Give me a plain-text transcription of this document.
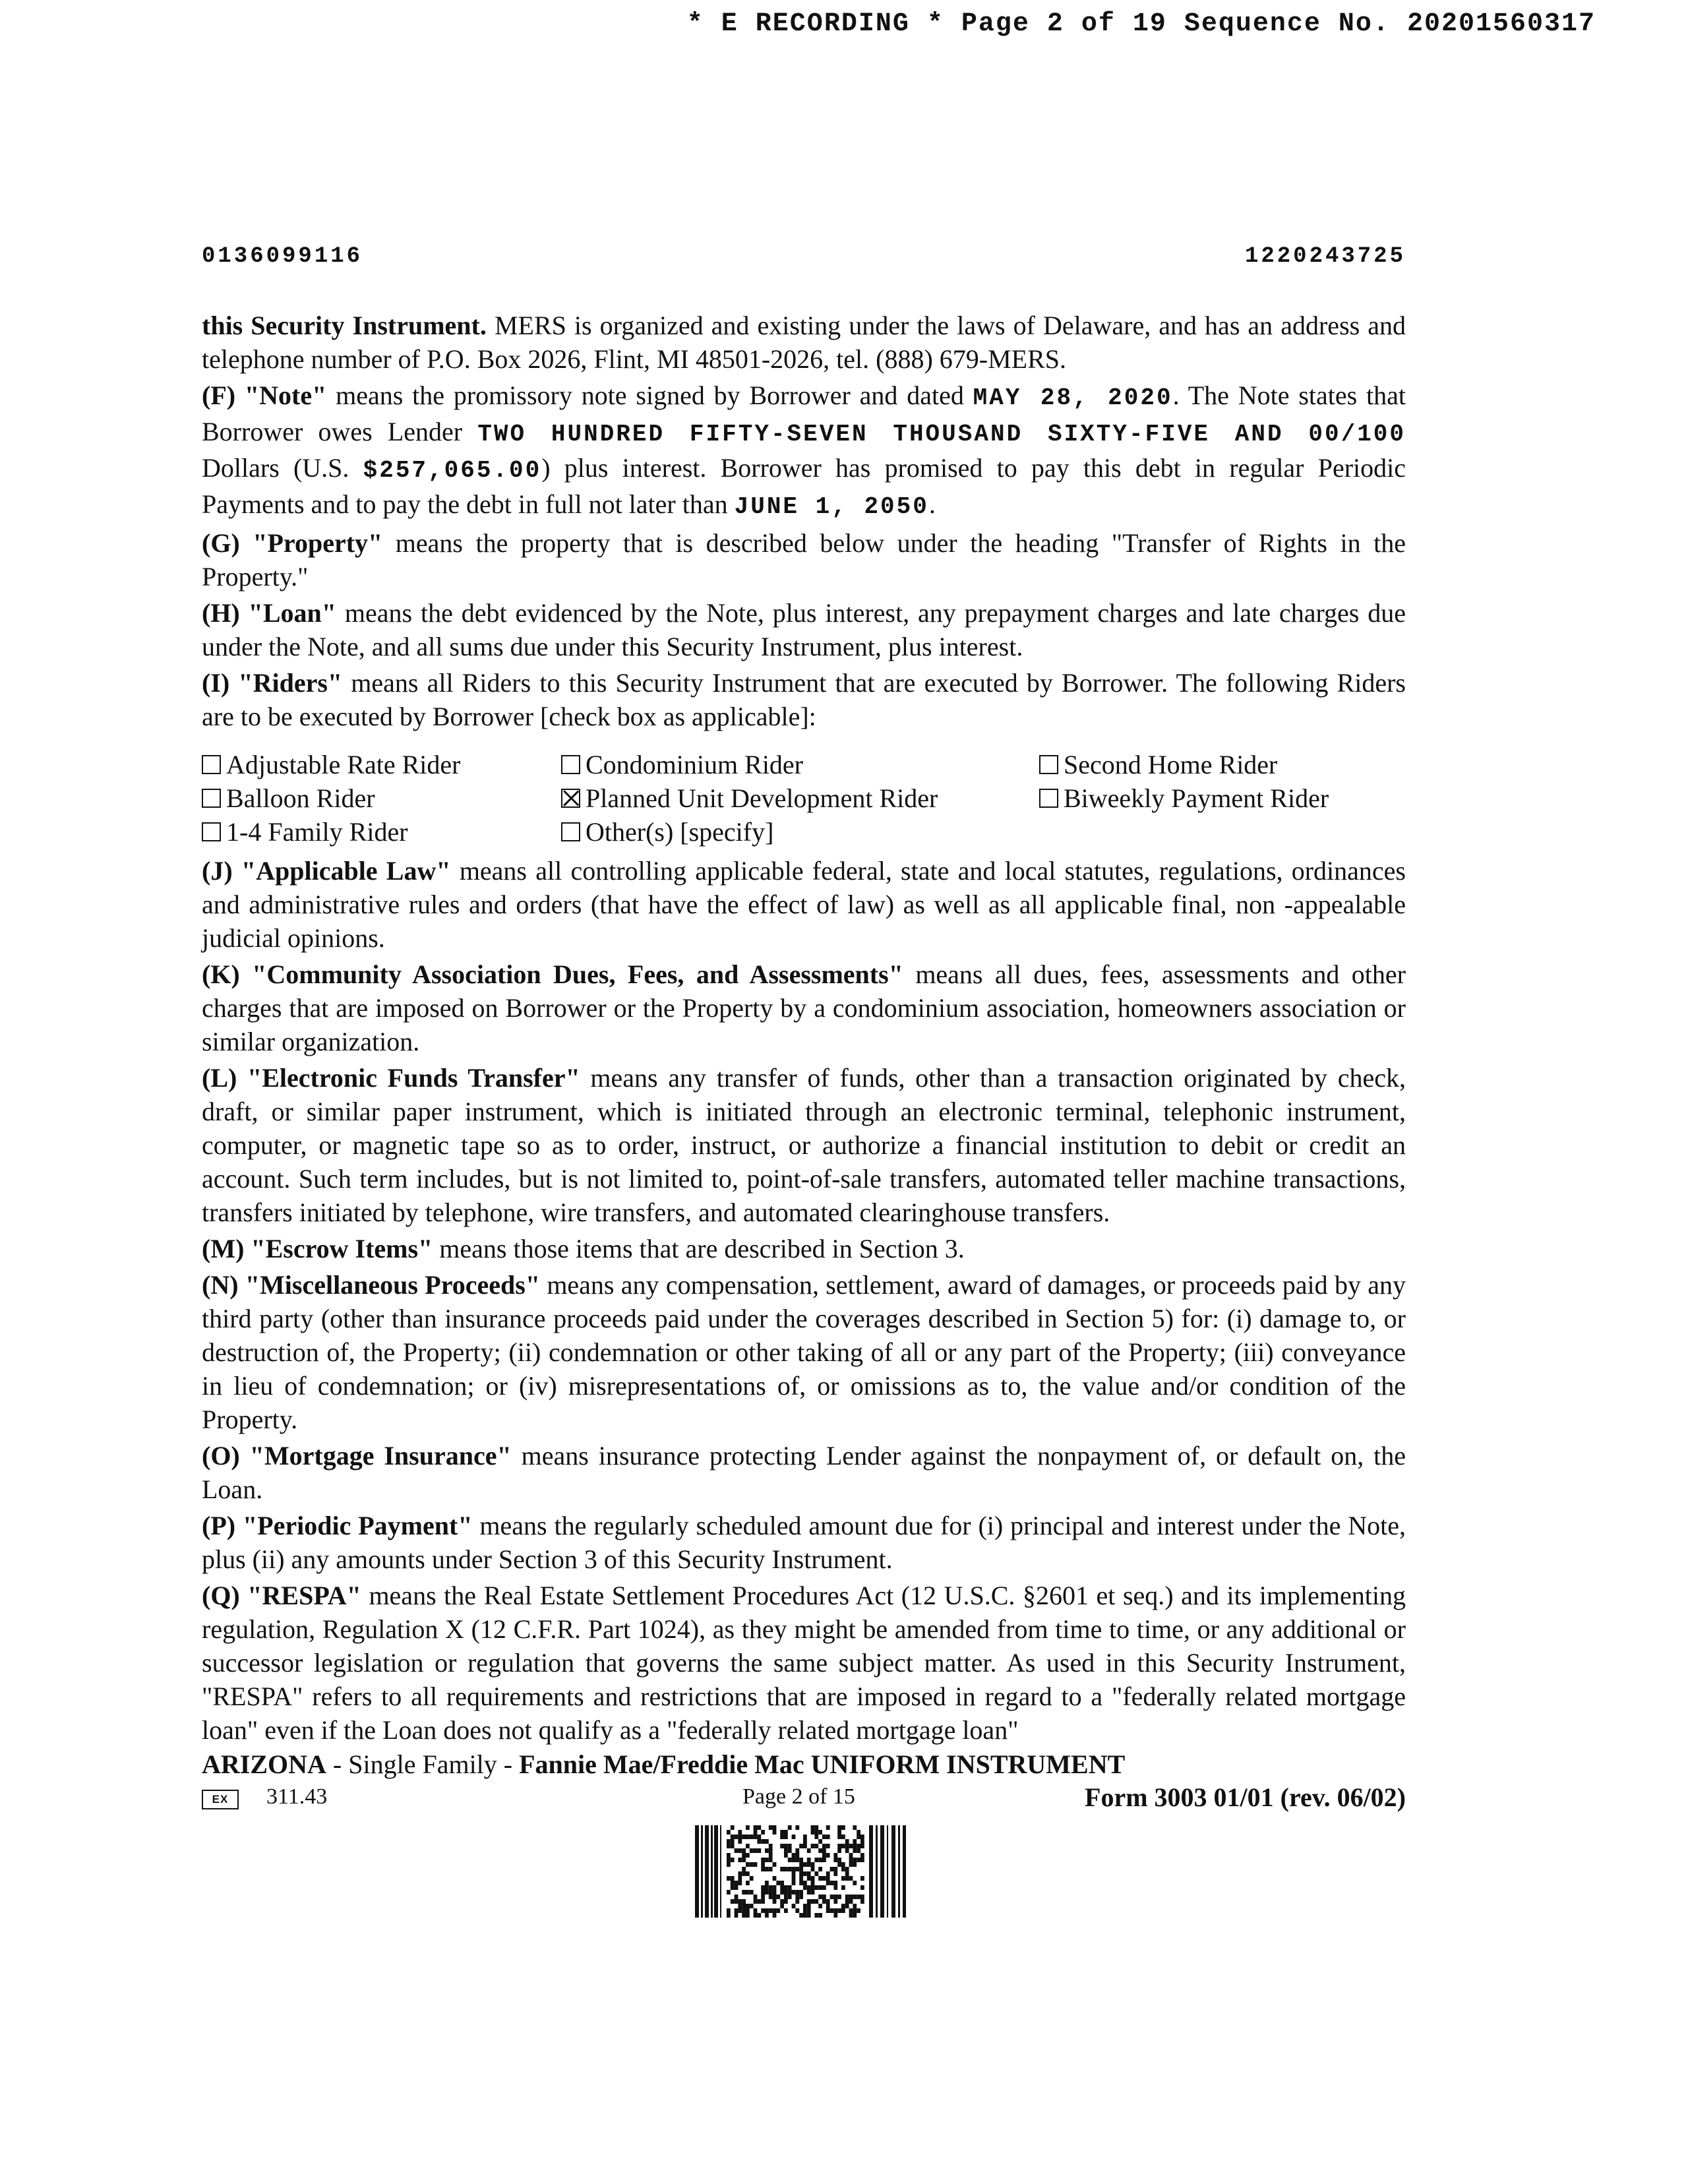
* E RECORDING * Page 2 of 19 Sequence No. 20201560317
0136099116	1220243725

this Security Instrument. MERS is organized and existing under the laws of Delaware, and has an address and telephone number of P.O. Box 2026, Flint, MI 48501-2026, tel. (888) 679-MERS.

(F) "Note" means the promissory note signed by Borrower and dated MAY 28, 2020. The Note states that Borrower owes Lender TWO HUNDRED FIFTY-SEVEN THOUSAND SIXTY-FIVE AND 00/100 Dollars (U.S. $257,065.00) plus interest. Borrower has promised to pay this debt in regular Periodic Payments and to pay the debt in full not later than JUNE 1, 2050.

(G) "Property" means the property that is described below under the heading "Transfer of Rights in the Property."

(H) "Loan" means the debt evidenced by the Note, plus interest, any prepayment charges and late charges due under the Note, and all sums due under this Security Instrument, plus interest.

(I) "Riders" means all Riders to this Security Instrument that are executed by Borrower. The following Riders are to be executed by Borrower [check box as applicable]:

Adjustable Rate Rider	Condominium Rider	Second Home Rider
Balloon Rider	Planned Unit Development Rider	Biweekly Payment Rider
1-4 Family Rider	Other(s) [specify]

(J) "Applicable Law" means all controlling applicable federal, state and local statutes, regulations, ordinances and administrative rules and orders (that have the effect of law) as well as all applicable final, non -appealable judicial opinions.

(K) "Community Association Dues, Fees, and Assessments" means all dues, fees, assessments and other charges that are imposed on Borrower or the Property by a condominium association, homeowners association or similar organization.

(L) "Electronic Funds Transfer" means any transfer of funds, other than a transaction originated by check, draft, or similar paper instrument, which is initiated through an electronic terminal, telephonic instrument, computer, or magnetic tape so as to order, instruct, or authorize a financial institution to debit or credit an account. Such term includes, but is not limited to, point-of-sale transfers, automated teller machine transactions, transfers initiated by telephone, wire transfers, and automated clearinghouse transfers.

(M) "Escrow Items" means those items that are described in Section 3.

(N) "Miscellaneous Proceeds" means any compensation, settlement, award of damages, or proceeds paid by any third party (other than insurance proceeds paid under the coverages described in Section 5) for: (i) damage to, or destruction of, the Property; (ii) condemnation or other taking of all or any part of the Property; (iii) conveyance in lieu of condemnation; or (iv) misrepresentations of, or omissions as to, the value and/or condition of the Property.

(O) "Mortgage Insurance" means insurance protecting Lender against the nonpayment of, or default on, the Loan.

(P) "Periodic Payment" means the regularly scheduled amount due for (i) principal and interest under the Note, plus (ii) any amounts under Section 3 of this Security Instrument.

(Q) "RESPA" means the Real Estate Settlement Procedures Act (12 U.S.C. §2601 et seq.) and its implementing regulation, Regulation X (12 C.F.R. Part 1024), as they might be amended from time to time, or any additional or successor legislation or regulation that governs the same subject matter. As used in this Security Instrument, "RESPA" refers to all requirements and restrictions that are imposed in regard to a "federally related mortgage loan" even if the Loan does not qualify as a "federally related mortgage loan"

ARIZONA - Single Family - Fannie Mae/Freddie Mac UNIFORM INSTRUMENT
EX	311.43	Page 2 of 15	Form 3003 01/01 (rev. 06/02)
